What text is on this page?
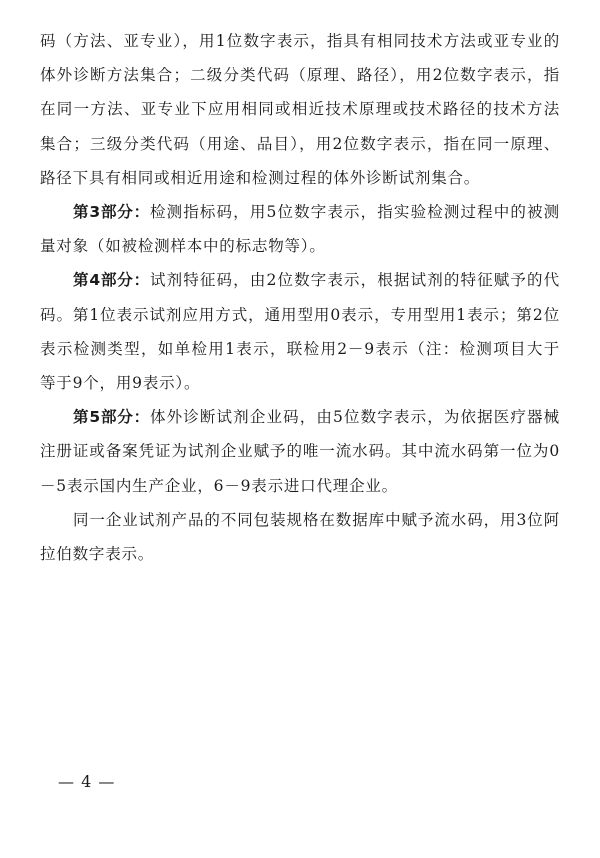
码（方法、亚专业），用1位数字表示，指具有相同技术方法或亚专业的体外诊断方法集合；二级分类代码（原理、路径），用2位数字表示，指在同一方法、亚专业下应用相同或相近技术原理或技术路径的技术方法集合；三级分类代码（用途、品目），用2位数字表示，指在同一原理、路径下具有相同或相近用途和检测过程的体外诊断试剂集合。

第3部分：检测指标码，用5位数字表示，指实验检测过程中的被测量对象（如被检测样本中的标志物等）。

第4部分：试剂特征码，由2位数字表示，根据试剂的特征赋予的代码。第1位表示试剂应用方式，通用型用0表示，专用型用1表示；第2位表示检测类型，如单检用1表示，联检用2－9表示（注：检测项目大于等于9个，用9表示）。

第5部分：体外诊断试剂企业码，由5位数字表示，为依据医疗器械注册证或备案凭证为试剂企业赋予的唯一流水码。其中流水码第一位为0－5表示国内生产企业，6－9表示进口代理企业。

同一企业试剂产品的不同包装规格在数据库中赋予流水码，用3位阿拉伯数字表示。

— 4 —
